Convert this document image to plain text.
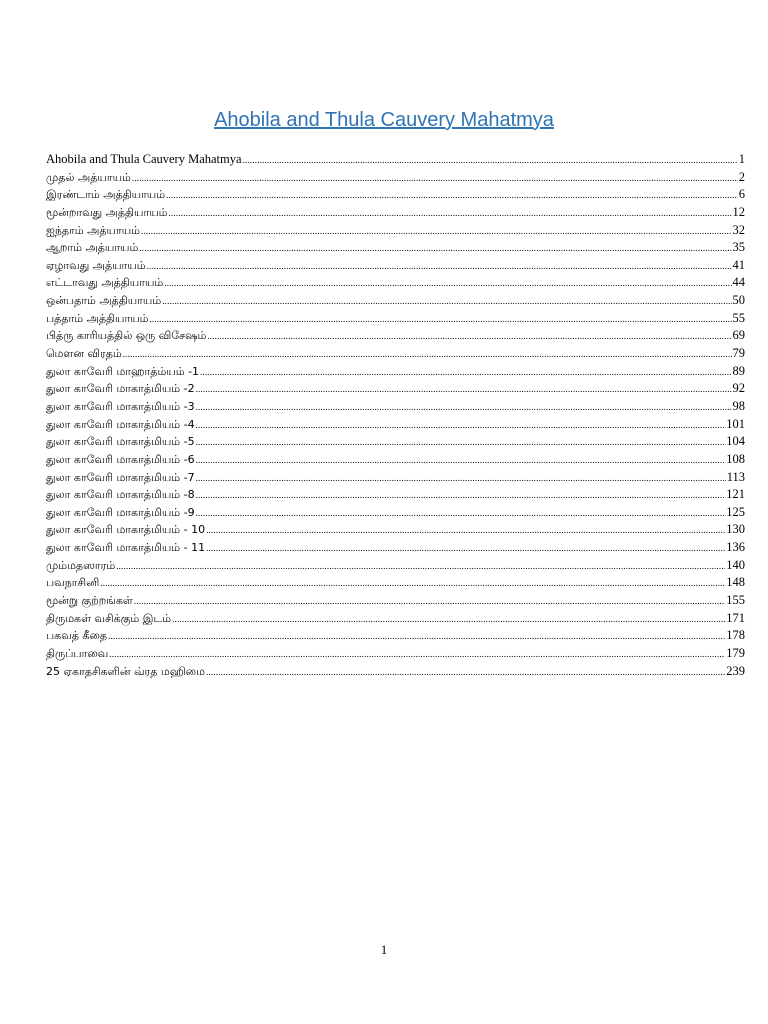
Ahobila and Thula Cauvery Mahatmya
Ahobila and Thula Cauvery Mahatmya .....	1
முதல் அத்யாயம் .....	2
இரண்டாம் அத்தியாயம் .....	6
மூன்றாவது அத்தியாயம் .....	12
ஐந்தாம் அத்யாயம் .....	32
ஆறாம் அத்யாயம் .....	35
ஏழாவது அத்யாயம் .....	41
எட்டாவது அத்தியாயம் .....	44
ஒன்பதாம் அத்தியாயம் .....	50
பத்தாம் அத்தியாயம் .....	55
பித்ரு காரியத்தில் ஒரு விசேஷம் .....	69
மௌன விரதம் .....	79
துலா காவேரி மாஹாத்ம்யம் -1 .....	89
துலா காவேரி மாகாத்மியம் -2 .....	92
துலா காவேரி மாகாத்மியம் -3 .....	98
துலா காவேரி மாகாத்மியம் -4 .....	101
துலா காவேரி மாகாத்மியம் -5 .....	104
துலா காவேரி மாகாத்மியம் -6 .....	108
துலா காவேரி மாகாத்மியம் -7 .....	113
துலா காவேரி மாகாத்மியம் -8 .....	121
துலா காவேரி மாகாத்மியம் -9 .....	125
துலா காவேரி மாகாத்மியம் - 10 .....	130
துலா காவேரி மாகாத்மியம் - 11 .....	136
மும்மதஸாரம் .....	140
பவநாசினி .....	148
மூன்று குற்றங்கள் .....	155
திருமகள் வசிக்கும் இடம் .....	171
பகவத் கீதை .....	178
திருப்பாவை .....	179
25 ஏகாதசிகளின் வ்ரத மஹிமை .....	239
1
